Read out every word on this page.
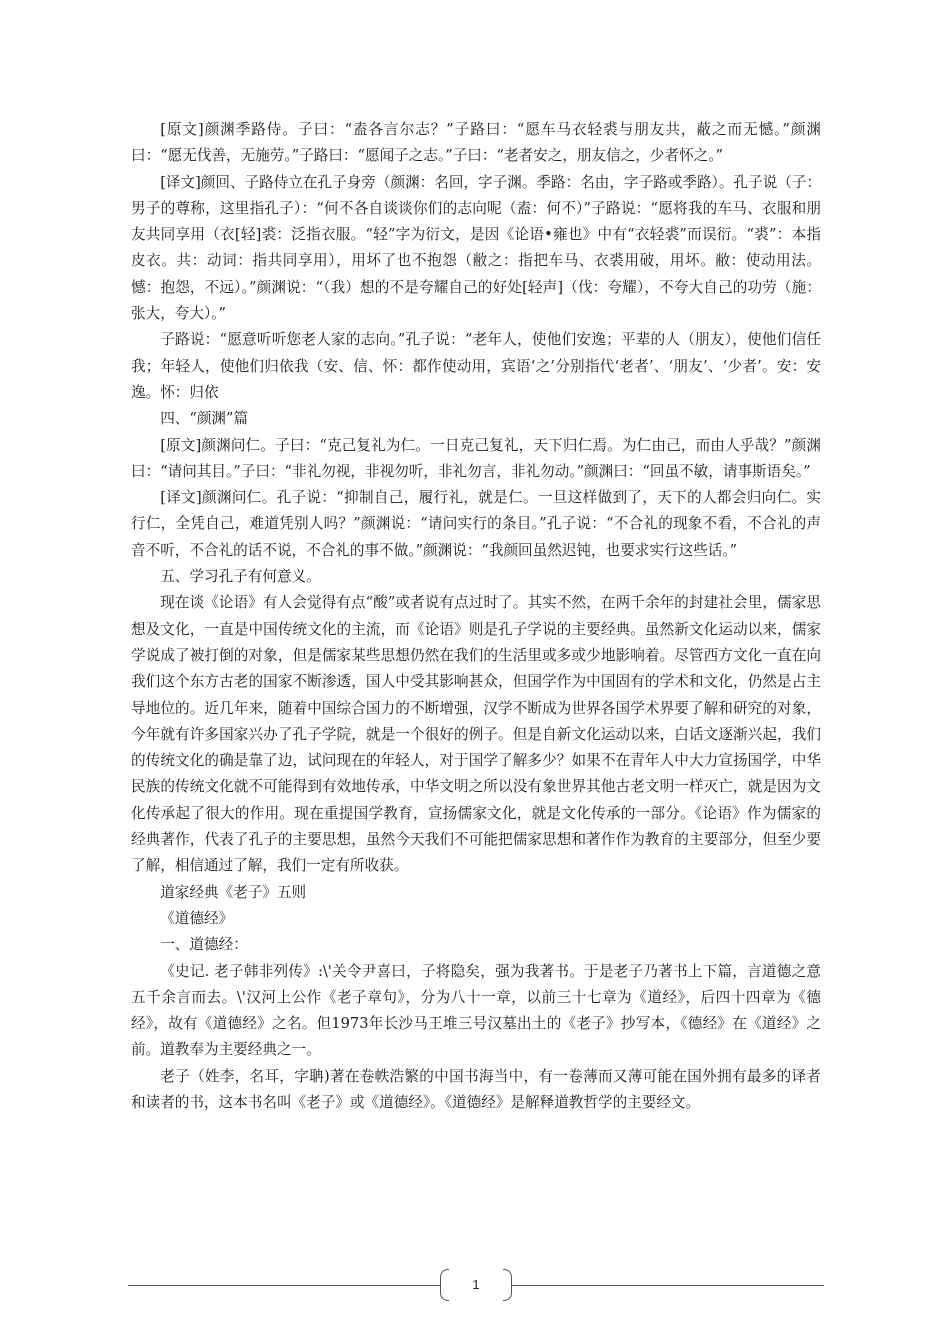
[原文]颜渊季路侍。子曰：“盍各言尔志？”子路曰：“愿车马衣轻裘与朋友共，蔽之而无憾。”颜渊曰：“愿无伐善，无施劳。”子路曰：“愿闻子之志。”子曰：“老者安之，朋友信之，少者怀之。”

[译文]颜回、子路侍立在孔子身旁（颜渊：名回，字子渊。季路：名由，字子路或季路）。孔子说（子：男子的尊称，这里指孔子）：“何不各自谈谈你们的志向呢（盍：何不）”子路说：“愿将我的车马、衣服和朋友共同享用（衣[轻]裘：泛指衣服。“轻”字为衍文，是因《论语•雍也》中有“衣轻裘”而误衍。“裘”：本指皮衣。共：动词：指共同享用），用坏了也不抱怨（敝之：指把车马、衣裘用破，用坏。敝：使动用法。憾：抱怨，不远）。”颜渊说：“（我）想的不是夸耀自己的好处[轻声]（伐：夸耀），不夸大自己的功劳（施：张大，夸大）。”

子路说：“愿意听听您老人家的志向。”孔子说：“老年人，使他们安逸；平辈的人（朋友），使他们信任我；年轻人，使他们归依我（安、信、怀：都作使动用，宾语‘之’分别指代‘老者’、‘朋友’、‘少者’。安：安逸。怀：归依

四、“颜渊”篇

[原文]颜渊问仁。子曰：“克己复礼为仁。一日克己复礼，天下归仁焉。为仁由己，而由人乎哉？”颜渊曰：“请问其目。”子曰：“非礼勿视，非视勿听，非礼勿言，非礼勿动。”颜渊曰：“回虽不敏，请事斯语矣。”

[译文]颜渊问仁。孔子说：“抑制自己，履行礼，就是仁。一旦这样做到了，天下的人都会归向仁。实行仁，全凭自己，难道凭别人吗？”颜渊说：“请问实行的条目。”孔子说：“不合礼的现象不看，不合礼的声音不听，不合礼的话不说，不合礼的事不做。”颜渊说：“我颜回虽然迟钝，也要求实行这些话。”

五、学习孔子有何意义。

现在谈《论语》有人会觉得有点“酸”或者说有点过时了。其实不然，在两千余年的封建社会里，儒家思想及文化，一直是中国传统文化的主流，而《论语》则是孔子学说的主要经典。虽然新文化运动以来，儒家学说成了被打倒的对象，但是儒家某些思想仍然在我们的生活里或多或少地影响着。尽管西方文化一直在向我们这个东方古老的国家不断渗透，国人中受其影响甚众，但国学作为中国固有的学术和文化，仍然是占主导地位的。近几年来，随着中国综合国力的不断增强，汉学不断成为世界各国学术界要了解和研究的对象，今年就有许多国家兴办了孔子学院，就是一个很好的例子。但是自新文化运动以来，白话文逐渐兴起，我们的传统文化的确是靠了边，试问现在的年轻人，对于国学了解多少？如果不在青年人中大力宣扬国学，中华民族的传统文化就不可能得到有效地传承，中华文明之所以没有象世界其他古老文明一样灭亡，就是因为文化传承起了很大的作用。现在重提国学教育，宣扬儒家文化，就是文化传承的一部分。《论语》作为儒家的经典著作，代表了孔子的主要思想，虽然今天我们不可能把儒家思想和著作作为教育的主要部分，但至少要了解，相信通过了解，我们一定有所收获。

道家经典《老子》五则

《道德经》

一、道德经：

《史记. 老子韩非列传》:\'关令尹喜曰，子将隐矣，强为我著书。于是老子乃著书上下篇，言道德之意五千余言而去。\'汉河上公作《老子章句》，分为八十一章，以前三十七章为《道经》，后四十四章为《德经》，故有《道德经》之名。但1973年长沙马王堆三号汉墓出土的《老子》抄写本，《德经》在《道经》之前。道教奉为主要经典之一。

老子（姓李，名耳，字聃)著在卷帙浩繁的中国书海当中，有一卷薄而又薄可能在国外拥有最多的译者和读者的书，这本书名叫《老子》或《道德经》。《道德经》是解释道教哲学的主要经文。

1
